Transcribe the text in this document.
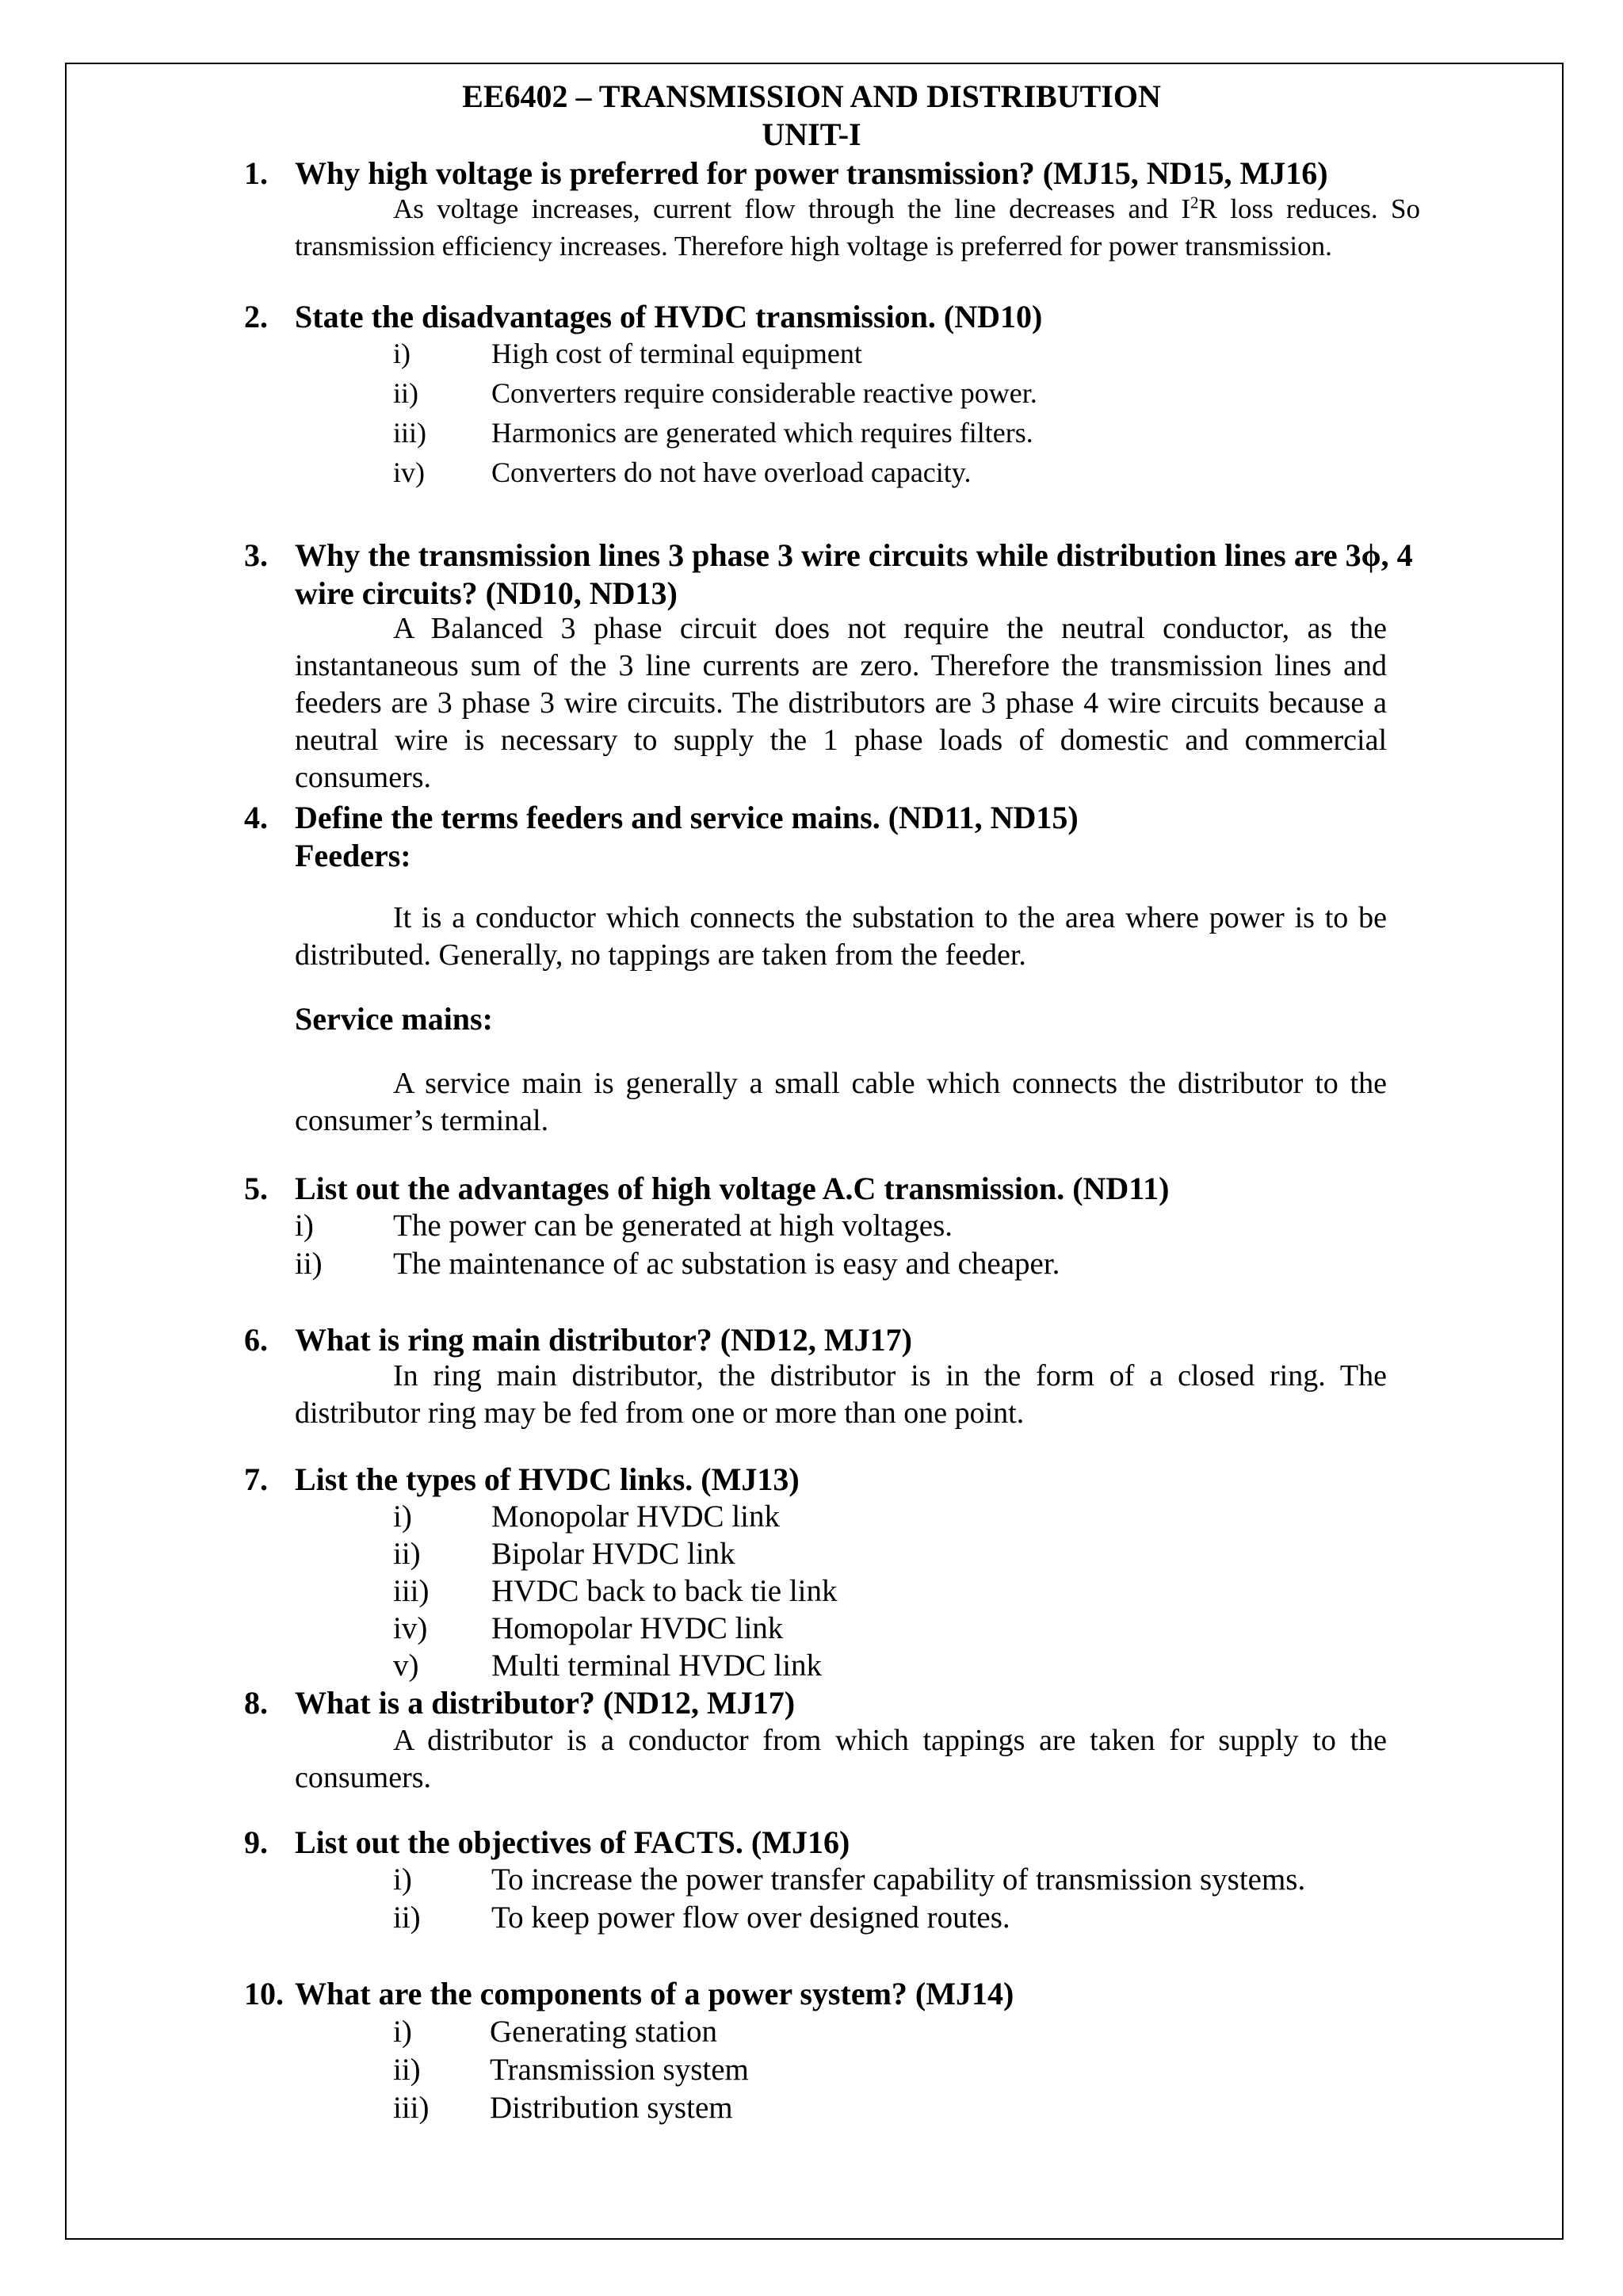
EE6402 – TRANSMISSION AND DISTRIBUTION
UNIT-I
1. Why high voltage is preferred for power transmission? (MJ15, ND15, MJ16)
As voltage increases, current flow through the line decreases and $I^2R$ loss reduces. So transmission efficiency increases. Therefore high voltage is preferred for power transmission.
2. State the disadvantages of HVDC transmission. (ND10)
i)	High cost of terminal equipment
ii)	Converters require considerable reactive power.
iii) Harmonics are generated which requires filters.
iv) Converters do not have overload capacity.
3. Why the transmission lines 3 phase 3 wire circuits while distribution lines are 3ϕ, 4 wire circuits? (ND10, ND13)
A Balanced 3 phase circuit does not require the neutral conductor, as the instantaneous sum of the 3 line currents are zero. Therefore the transmission lines and feeders are 3 phase 3 wire circuits. The distributors are 3 phase 4 wire circuits because a neutral wire is necessary to supply the 1 phase loads of domestic and commercial consumers.
4. Define the terms feeders and service mains. (ND11, ND15)
Feeders:
It is a conductor which connects the substation to the area where power is to be distributed. Generally, no tappings are taken from the feeder.
Service mains:
A service main is generally a small cable which connects the distributor to the consumer’s terminal.
5. List out the advantages of high voltage A.C transmission. (ND11)
i)	The power can be generated at high voltages.
ii) The maintenance of ac substation is easy and cheaper.
6. What is ring main distributor? (ND12, MJ17)
In ring main distributor, the distributor is in the form of a closed ring. The distributor ring may be fed from one or more than one point.
7. List the types of HVDC links. (MJ13)
i)	Monopolar HVDC link
ii) Bipolar HVDC link
iii) HVDC back to back tie link
iv) Homopolar HVDC link
v) Multi terminal HVDC link
8. What is a distributor? (ND12, MJ17)
A distributor is a conductor from which tappings are taken for supply to the consumers.
9. List out the objectives of FACTS. (MJ16)
i)	To increase the power transfer capability of transmission systems.
ii) To keep power flow over designed routes.
10. What are the components of a power system? (MJ14)
i)	Generating station
ii) Transmission system
iii) Distribution system
